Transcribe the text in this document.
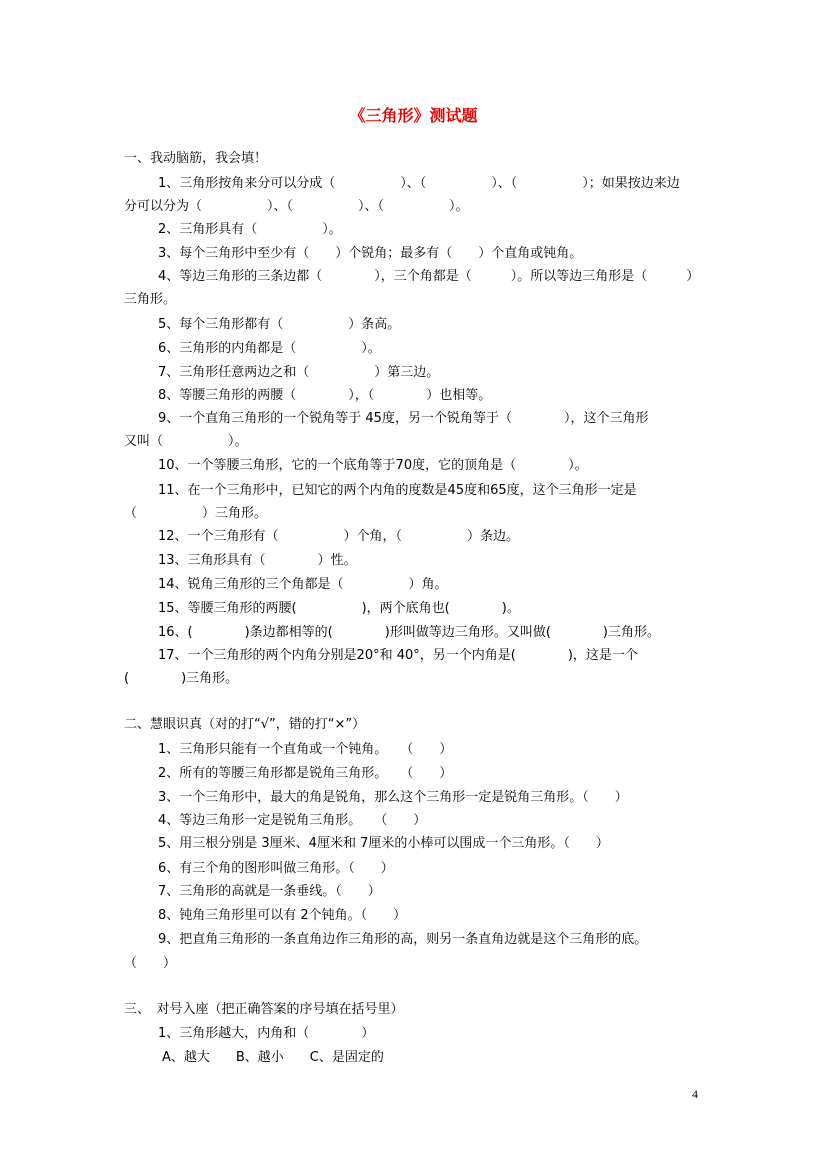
《三角形》测试题
一、我动脑筋，我会填！
1、三角形按角来分可以分成（　　　　　）、（　　　　　）、（　　　　　）；如果按边来边
分可以分为（　　　　　）、（　　　　　）、（　　　　　）。
2、三角形具有（　　　　　）。
3、每个三角形中至少有（　　）个锐角；最多有（　　）个直角或钝角。
4、等边三角形的三条边都（　　　　），三个角都是（　　　）。所以等边三角形是（　　　）
三角形。
5、每个三角形都有（　　　　　）条高。
6、三角形的内角都是（　　　　　）。
7、三角形任意两边之和（　　　　　）第三边。
8、等腰三角形的两腰（　　　　），（　　　　）也相等。
9、一个直角三角形的一个锐角等于 45度，另一个锐角等于（　　　　），这个三角形
又叫（　　　　　）。
10、一个等腰三角形，它的一个底角等于70度，它的顶角是（　　　　）。
11、在一个三角形中，已知它的两个内角的度数是45度和65度，这个三角形一定是
（　　　　　）三角形。
12、一个三角形有（　　　　　）个角，（　　　　　）条边。
13、三角形具有（　　　　）性。
14、锐角三角形的三个角都是（　　　　　）角。
15、等腰三角形的两腰(　　　　　)，两个底角也(　　　　)。
16、(　　　　)条边都相等的(　　　　)形叫做等边三角形。又叫做(　　　　)三角形。
17、一个三角形的两个内角分别是20°和 40°，另一个内角是(　　　　)，这是一个
(　　　　)三角形。
二、慧眼识真（对的打“√”，错的打“×”）
1、三角形只能有一个直角或一个钝角。　　（　　）
2、所有的等腰三角形都是锐角三角形。　　（　　）
3、一个三角形中，最大的角是锐角，那么这个三角形一定是锐角三角形。（　　）
4、等边三角形一定是锐角三角形。　　（　　）
5、用三根分别是 3厘米、4厘米和 7厘米的小棒可以围成一个三角形。（　　）
6、有三个角的图形叫做三角形。（　　）
7、三角形的高就是一条垂线。（　　）
8、钝角三角形里可以有 2个钝角。（　　）
9、把直角三角形的一条直角边作三角形的高，则另一条直角边就是这个三角形的底。
（　　）
三、　对号入座（把正确答案的序号填在括号里）
1、三角形越大，内角和（　　　　）
A、越大　　B、越小　　C、是固定的
4
